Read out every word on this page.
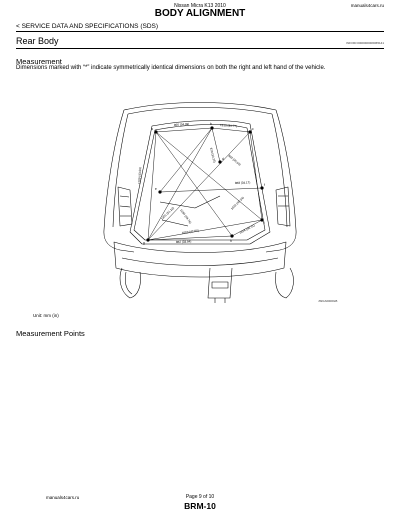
Nissan Micra K13 2010	manuals4cars.ru
BODY ALIGNMENT
< SERVICE DATA AND SPECIFICATIONS (SDS)
Rear Body	INFOID:0000000006065141
Measurement
Dimensions marked with “*” indicate symmetrically identical dimensions on both the right and left hand of the vehicle.
a
b
c
d
e
f
g	h
i
866 (34.09)	1315 (51.77)
870 (34.25)	903 (35.55)
1109 (43.66)	868 (34.17)
1264 (49.76)
1022 (40.24)
1301 (51.22)
1083 (42.64)	1024 (40.31)
862 (33.94)
JSKIA0000GB
Unit: mm (in)
Measurement Points
manuals4cars.ru	Page 9 of 10
BRM-10
